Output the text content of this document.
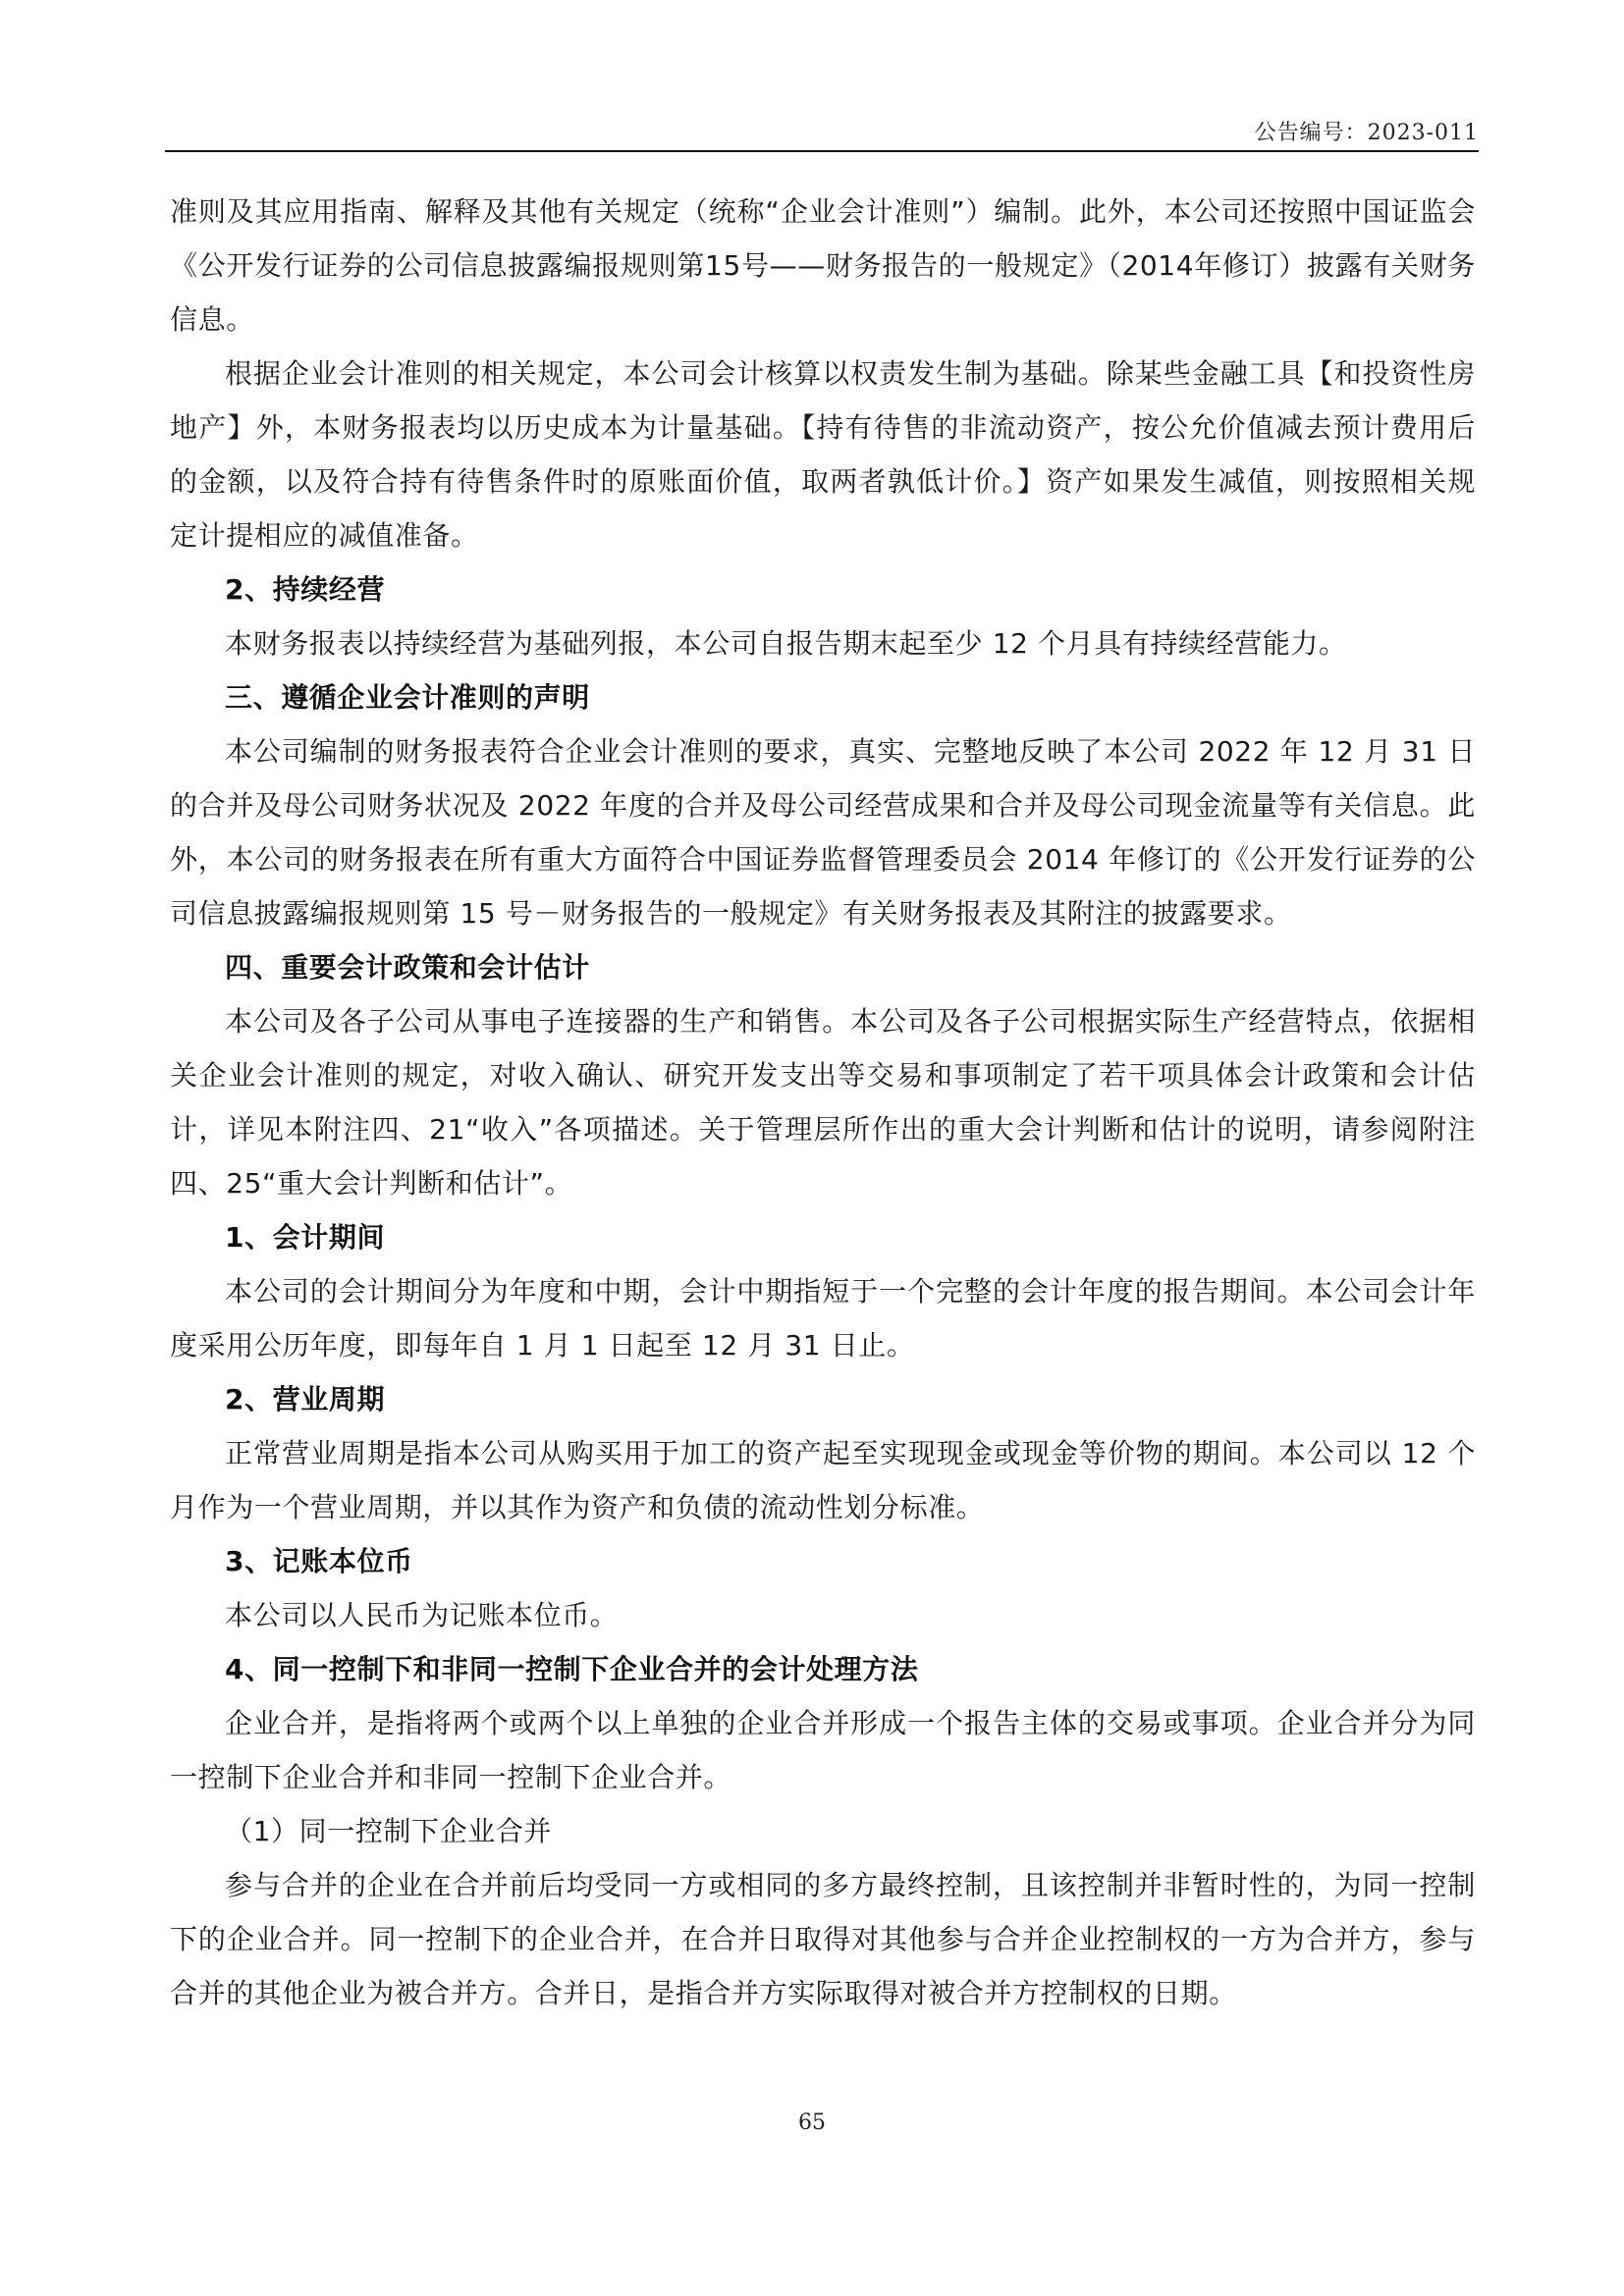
公告编号：2023-011

准则及其应用指南、解释及其他有关规定（统称“企业会计准则”）编制。此外，本公司还按照中国证监会《公开发行证券的公司信息披露编报规则第15号——财务报告的一般规定》（2014年修订）披露有关财务信息。

根据企业会计准则的相关规定，本公司会计核算以权责发生制为基础。除某些金融工具【和投资性房地产】外，本财务报表均以历史成本为计量基础。【持有待售的非流动资产，按公允价值减去预计费用后的金额，以及符合持有待售条件时的原账面价值，取两者孰低计价。】资产如果发生减值，则按照相关规定计提相应的减值准备。

2、持续经营

本财务报表以持续经营为基础列报，本公司自报告期末起至少 12 个月具有持续经营能力。

三、遵循企业会计准则的声明

本公司编制的财务报表符合企业会计准则的要求，真实、完整地反映了本公司 2022 年 12 月 31 日的合并及母公司财务状况及 2022 年度的合并及母公司经营成果和合并及母公司现金流量等有关信息。此外，本公司的财务报表在所有重大方面符合中国证券监督管理委员会 2014 年修订的《公开发行证券的公司信息披露编报规则第 15 号－财务报告的一般规定》有关财务报表及其附注的披露要求。

四、重要会计政策和会计估计

本公司及各子公司从事电子连接器的生产和销售。本公司及各子公司根据实际生产经营特点，依据相关企业会计准则的规定，对收入确认、研究开发支出等交易和事项制定了若干项具体会计政策和会计估计，详见本附注四、21“收入”各项描述。关于管理层所作出的重大会计判断和估计的说明，请参阅附注四、25“重大会计判断和估计”。

1、会计期间

本公司的会计期间分为年度和中期，会计中期指短于一个完整的会计年度的报告期间。本公司会计年度采用公历年度，即每年自 1 月 1 日起至 12 月 31 日止。

2、营业周期

正常营业周期是指本公司从购买用于加工的资产起至实现现金或现金等价物的期间。本公司以 12 个月作为一个营业周期，并以其作为资产和负债的流动性划分标准。

3、记账本位币

本公司以人民币为记账本位币。

4、同一控制下和非同一控制下企业合并的会计处理方法

企业合并，是指将两个或两个以上单独的企业合并形成一个报告主体的交易或事项。企业合并分为同一控制下企业合并和非同一控制下企业合并。

（1）同一控制下企业合并

参与合并的企业在合并前后均受同一方或相同的多方最终控制，且该控制并非暂时性的，为同一控制下的企业合并。同一控制下的企业合并，在合并日取得对其他参与合并企业控制权的一方为合并方，参与合并的其他企业为被合并方。合并日，是指合并方实际取得对被合并方控制权的日期。

65
